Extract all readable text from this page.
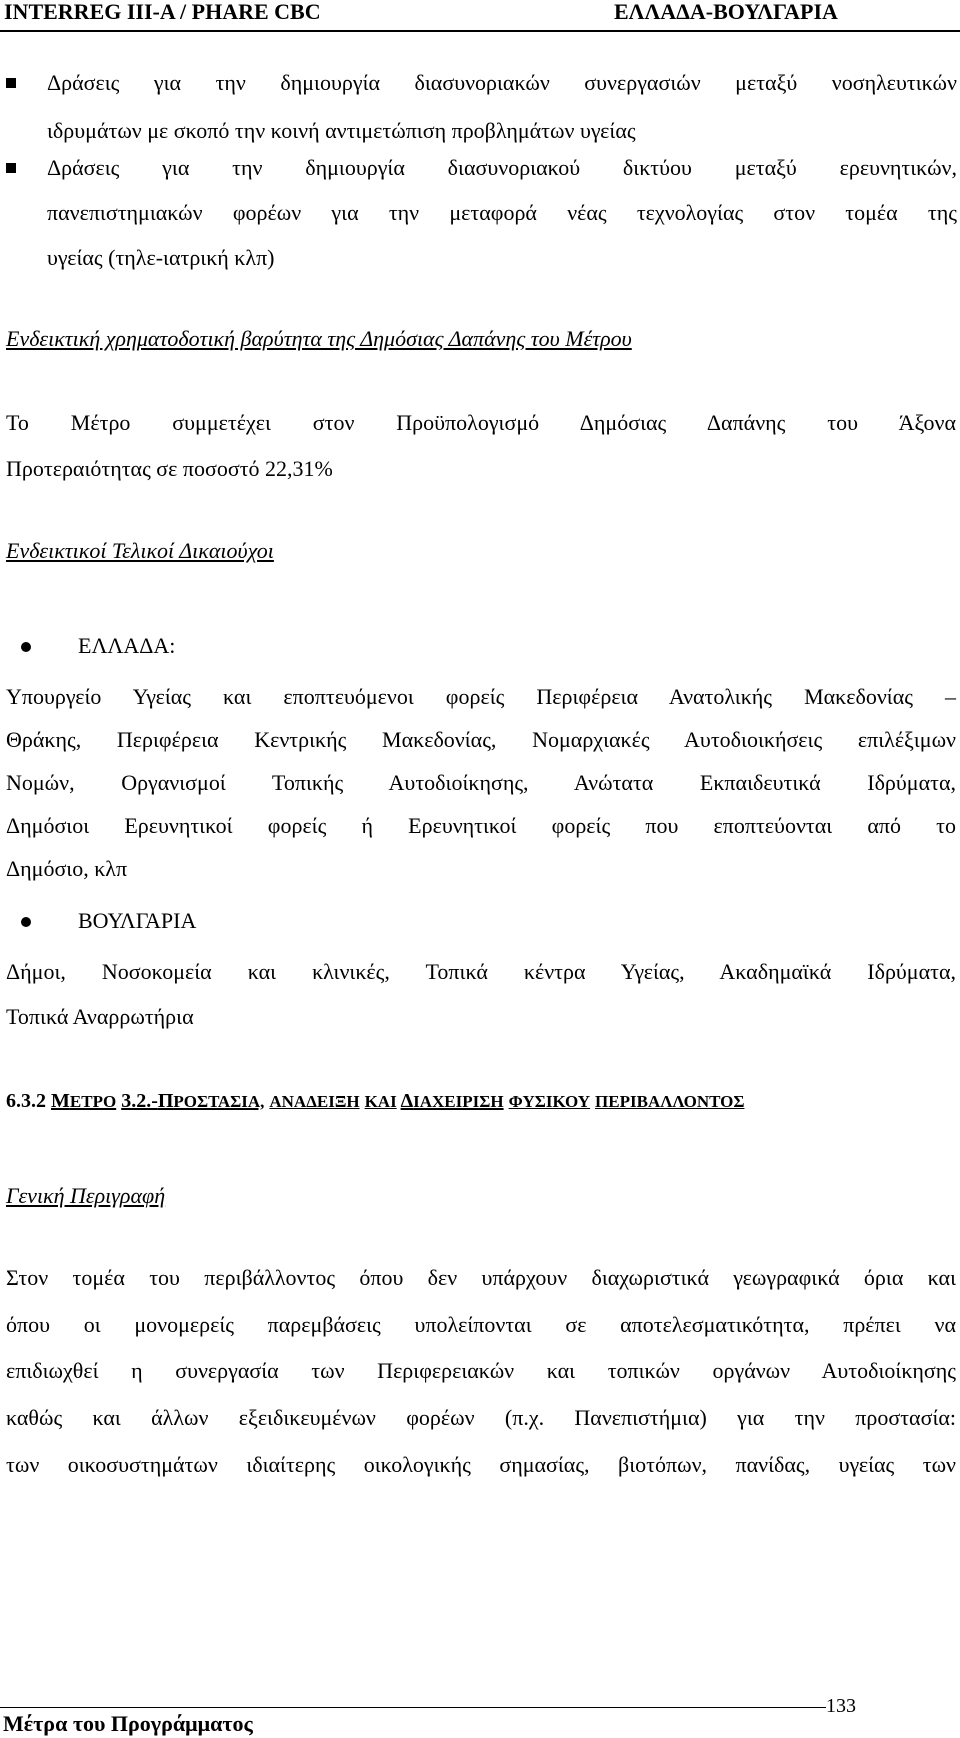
INTERREG III-A / PHARE CBC	ΕΛΛΑΔΑ-ΒΟΥΛΓΑΡΙΑ
Δράσεις για την δημιουργία διασυνοριακών συνεργασιών μεταξύ νοσηλευτικών
ιδρυμάτων με σκοπό την κοινή αντιμετώπιση προβλημάτων υγείας
Δράσεις για την δημιουργία διασυνοριακού δικτύου μεταξύ ερευνητικών,
πανεπιστημιακών φορέων για την μεταφορά νέας τεχνολογίας στον τομέα της
υγείας (τηλε-ιατρική κλπ)
Ενδεικτική χρηματοδοτική βαρύτητα της Δημόσιας Δαπάνης του Μέτρου
Το Μέτρο συμμετέχει στον Προϋπολογισμό Δημόσιας Δαπάνης του Άξονα
Προτεραιότητας σε ποσοστό 22,31%
Ενδεικτικοί Τελικοί Δικαιούχοι
ΕΛΛΑΔΑ:
Υπουργείο Υγείας και εποπτευόμενοι φορείς Περιφέρεια Ανατολικής Μακεδονίας –
Θράκης, Περιφέρεια Κεντρικής Μακεδονίας, Νομαρχιακές Αυτοδιοικήσεις επιλέξιμων
Νομών, Οργανισμοί Τοπικής Αυτοδιοίκησης, Ανώτατα Εκπαιδευτικά Ιδρύματα,
Δημόσιοι Ερευνητικοί φορείς ή Ερευνητικοί φορείς που εποπτεύονται από το
Δημόσιο, κλπ
ΒΟΥΛΓΑΡΙΑ
Δήμοι, Νοσοκομεία και κλινικές, Τοπικά κέντρα Υγείας, Ακαδημαϊκά Ιδρύματα,
Τοπικά Αναρρωτήρια
6.3.2 ΜΕΤΡΟ 3.2.-ΠΡΟΣΤΑΣΙΑ, ΑΝΑΔΕΙΞΗ ΚΑΙ ΔΙΑΧΕΙΡΙΣΗ ΦΥΣΙΚΟΥ ΠΕΡΙΒΑΛΛΟΝΤΟΣ
Γενική Περιγραφή
Στον τομέα του περιβάλλοντος όπου δεν υπάρχουν διαχωριστικά γεωγραφικά όρια και
όπου οι μονομερείς παρεμβάσεις υπολείπονται σε αποτελεσματικότητα, πρέπει να
επιδιωχθεί η συνεργασία των Περιφερειακών και τοπικών οργάνων Αυτοδιοίκησης
καθώς και άλλων εξειδικευμένων φορέων (π.χ. Πανεπιστήμια) για την προστασία:
των οικοσυστημάτων ιδιαίτερης οικολογικής σημασίας, βιοτόπων, πανίδας, υγείας των
Μέτρα του Προγράμματος
133
